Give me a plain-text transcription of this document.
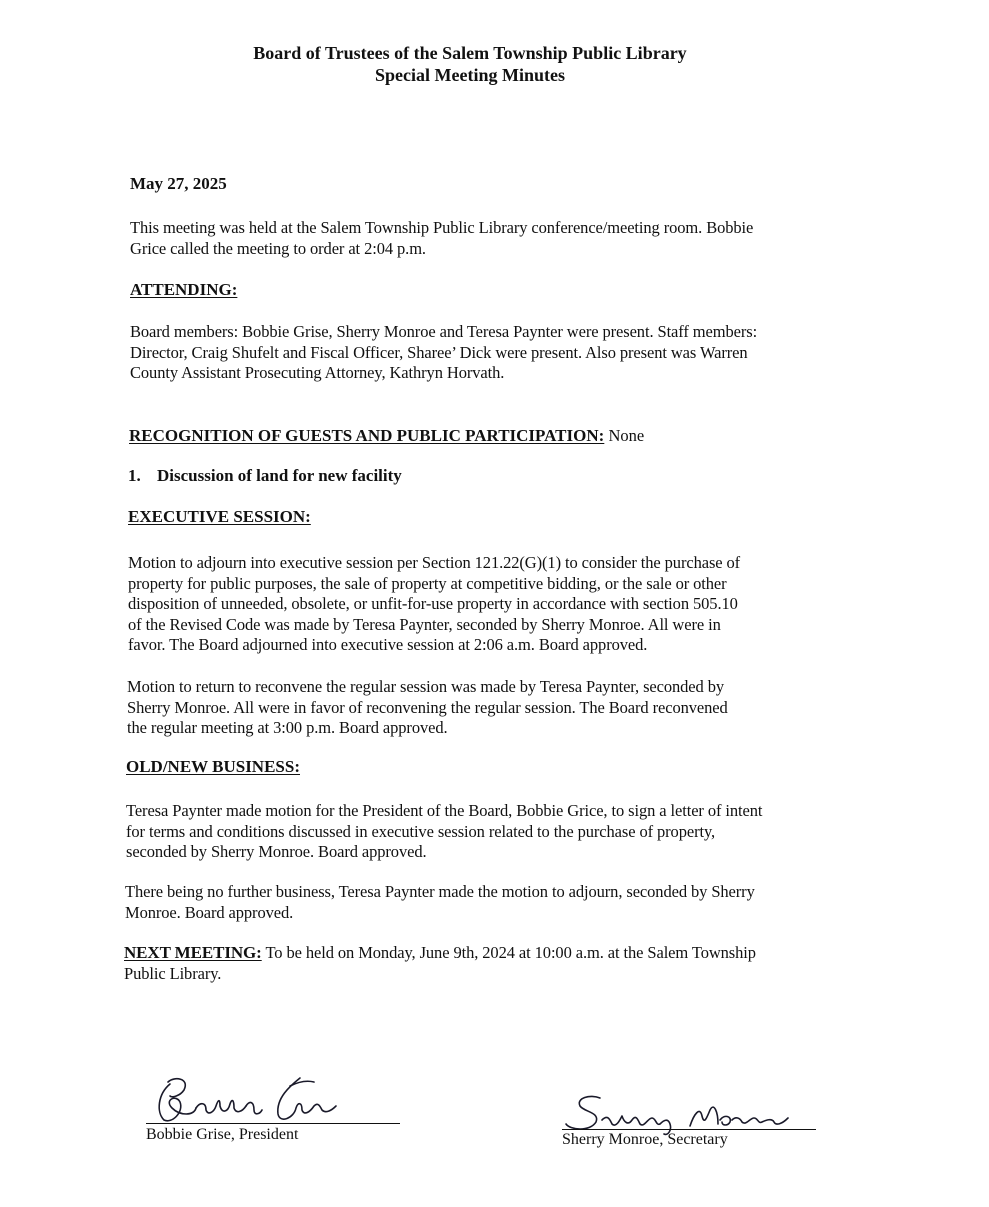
Board of Trustees of the Salem Township Public Library
Special Meeting Minutes
May 27, 2025

This meeting was held at the Salem Township Public Library conference/meeting room. Bobbie
Grice called the meeting to order at 2:04 p.m.

ATTENDING:

Board members: Bobbie Grise, Sherry Monroe and Teresa Paynter were present. Staff members:
Director, Craig Shufelt and Fiscal Officer, Sharee’ Dick were present. Also present was Warren
County Assistant Prosecuting Attorney, Kathryn Horvath.

RECOGNITION OF GUESTS AND PUBLIC PARTICIPATION: None
1. Discussion of land for new facility
EXECUTIVE SESSION:

Motion to adjourn into executive session per Section 121.22(G)(1) to consider the purchase of
property for public purposes, the sale of property at competitive bidding, or the sale or other
disposition of unneeded, obsolete, or unfit-for-use property in accordance with section 505.10
of the Revised Code was made by Teresa Paynter, seconded by Sherry Monroe. All were in
favor. The Board adjourned into executive session at 2:06 a.m. Board approved.

Motion to return to reconvene the regular session was made by Teresa Paynter, seconded by
Sherry Monroe. All were in favor of reconvening the regular session. The Board reconvened
the regular meeting at 3:00 p.m. Board approved.

OLD/NEW BUSINESS:

Teresa Paynter made motion for the President of the Board, Bobbie Grice, to sign a letter of intent
for terms and conditions discussed in executive session related to the purchase of property,
seconded by Sherry Monroe. Board approved.

There being no further business, Teresa Paynter made the motion to adjourn, seconded by Sherry
Monroe. Board approved.

NEXT MEETING: To be held on Monday, June 9th, 2024 at 10:00 a.m. at the Salem Township
Public Library.

Bobbie Grise, President	Sherry Monroe, Secretary
